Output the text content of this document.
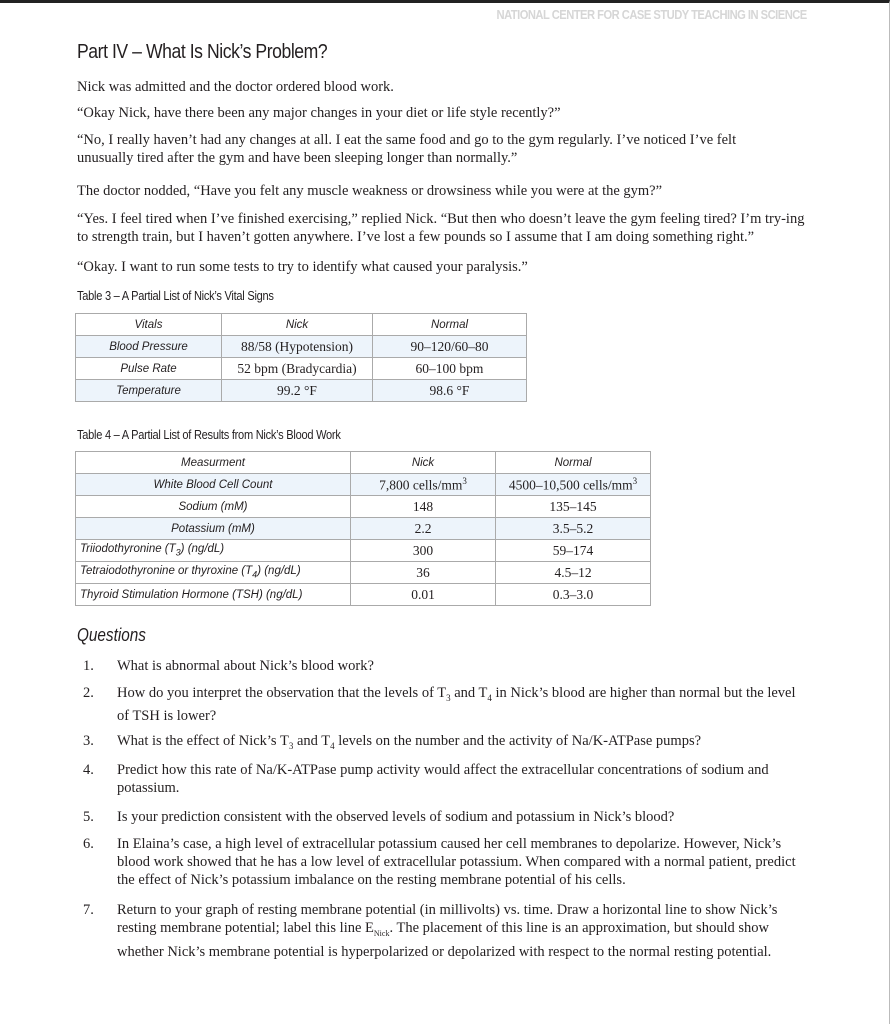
NATIONAL CENTER FOR CASE STUDY TEACHING IN SCIENCE
Part IV – What Is Nick’s Problem?
Nick was admitted and the doctor ordered blood work.
“Okay Nick, have there been any major changes in your diet or life style recently?”
“No, I really haven’t had any changes at all. I eat the same food and go to the gym regularly. I’ve noticed I’ve felt unusually tired after the gym and have been sleeping longer than normally.”
The doctor nodded, “Have you felt any muscle weakness or drowsiness while you were at the gym?”
“Yes. I feel tired when I’ve finished exercising,” replied Nick. “But then who doesn’t leave the gym feeling tired? I’m try-ing to strength train, but I haven’t gotten anywhere. I’ve lost a few pounds so I assume that I am doing something right.”
“Okay. I want to run some tests to try to identify what caused your paralysis.”
Table 3 – A Partial List of Nick’s Vital Signs
Vitals	Nick	Normal
Blood Pressure	88/58 (Hypotension)	90–120/60–80
Pulse Rate	52 bpm (Bradycardia)	60–100 bpm
Temperature	99.2 °F	98.6 °F
Table 4 – A Partial List of Results from Nick’s Blood Work
Measurment	Nick	Normal
White Blood Cell Count	7,800 cells/$mm^3$	4500–10,500 cells/$mm^3$
Sodium (mM)	148	135–145
Potassium (mM)	2.2	3.5–5.2
Triiodothyronine $(T_3)$ (ng/dL)	300	59–174
Tetraiodothyronine or thyroxine $(T_4)$ (ng/dL)	36	4.5–12
Thyroid Stimulation Hormone (TSH) (ng/dL)	0.01	0.3–3.0
Questions
1.	What is abnormal about Nick’s blood work?
2.	How do you interpret the observation that the levels of $T_3$ and $T_4$ in Nick’s blood are higher than normal but the level of TSH is lower?
3.	What is the effect of Nick’s $T_3$ and $T_4$ levels on the number and the activity of Na/K-ATPase pumps?
4.	Predict how this rate of Na/K-ATPase pump activity would affect the extracellular concentrations of sodium and potassium.
5.	Is your prediction consistent with the observed levels of sodium and potassium in Nick’s blood?
6.	In Elaina’s case, a high level of extracellular potassium caused her cell membranes to depolarize. However, Nick’s blood work showed that he has a low level of extracellular potassium. When compared with a normal patient, predict the effect of Nick’s potassium imbalance on the resting membrane potential of his cells.
7.	Return to your graph of resting membrane potential (in millivolts) vs. time. Draw a horizontal line to show Nick’s resting membrane potential; label this line $E_{Nick}$. The placement of this line is an approximation, but should show whether Nick’s membrane potential is hyperpolarized or depolarized with respect to the normal resting potential.
